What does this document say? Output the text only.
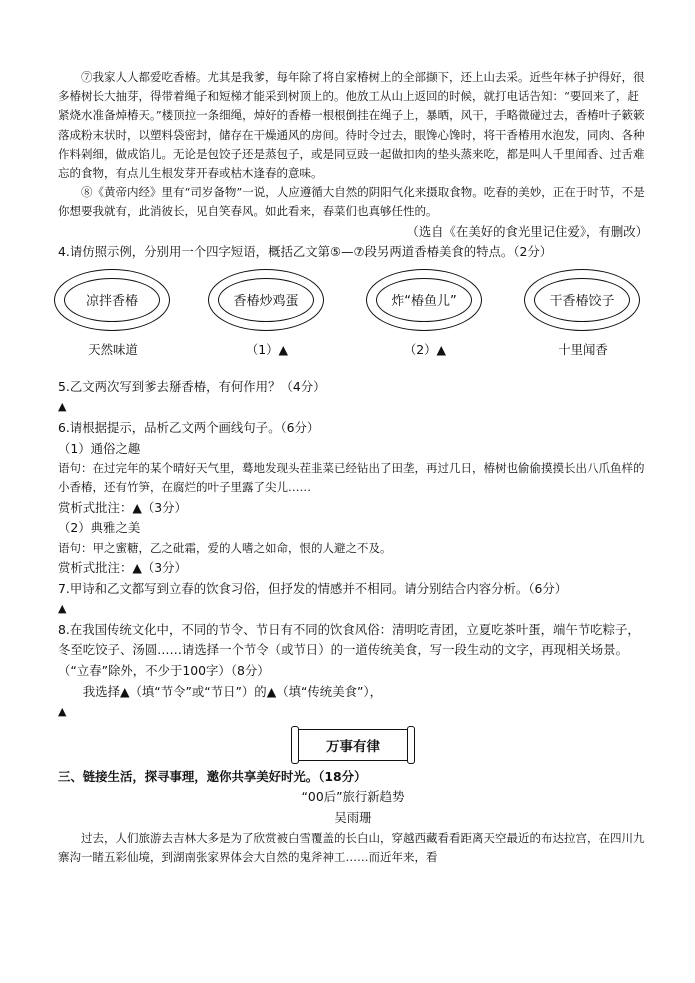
⑦我家人人都爱吃香椿。尤其是我爹，每年除了将自家椿树上的全部撷下，还上山去采。近些年林子护得好，很多椿树长大抽芽，得带着绳子和短梯才能采到树顶上的。他放工从山上返回的时候，就打电话告知：“要回来了，赶紧烧水准备焯椿天。”楼顶拉一条细绳，焯好的香椿一根根倒挂在绳子上，暴晒，风干，手略微碰过去，香椿叶子簌簌落成粉末状时，以塑料袋密封，储存在干燥通风的房间。待时令过去，眼馋心馋时，将干香椿用水泡发，同肉、各种作料剁细，做成馅儿。无论是包饺子还是蒸包子，或是同豆豉一起做扣肉的垫头蒸来吃，都是叫人千里闻香、过舌难忘的食物，有点儿生根发芽开春或枯木逢春的意味。

⑧《黄帝内经》里有“司岁备物”一说，人应遵循大自然的阴阳气化来摄取食物。吃春的美妙，正在于时节，不是你想要我就有，此消彼长，见自笑春风。如此看来，春菜们也真够任性的。

（选自《在美好的食光里记住爱》，有删改）

4.请仿照示例，分别用一个四字短语，概括乙文第⑤—⑦段另两道香椿美食的特点。（2分）

凉拌香椿
天然味道
香椿炒鸡蛋
（1）▲
炸“椿鱼儿”
（2）▲
干香椿饺子
十里闻香

5.乙文两次写到爹去掰香椿，有何作用？（4分）

▲

6.请根据提示，品析乙文两个画线句子。（6分）

（1）通俗之趣

语句：在过完年的某个晴好天气里，蓦地发现头茬韭菜已经钻出了田垄，再过几日，椿树也偷偷摸摸长出八爪鱼样的小香椿，还有竹笋，在腐烂的叶子里露了尖儿……

赏析式批注：▲（3分）

（2）典雅之美

语句：甲之蜜糖，乙之砒霜，爱的人嗜之如命，恨的人避之不及。

赏析式批注：▲（3分）

7.甲诗和乙文都写到立春的饮食习俗，但抒发的情感并不相同。请分别结合内容分析。（6分）

▲

8.在我国传统文化中，不同的节令、节日有不同的饮食风俗：清明吃青团，立夏吃茶叶蛋，端午节吃粽子，冬至吃饺子、汤圆……请选择一个节令（或节日）的一道传统美食，写一段生动的文字，再现相关场景。（“立春”除外，不少于100字）（8分）

我选择▲（填“节令”或“节日”）的▲（填“传统美食”），

▲

万事有律

三、链接生活，探寻事理，邀你共享美好时光。（18分）

“00后”旅行新趋势

吴雨珊

过去，人们旅游去吉林大多是为了欣赏被白雪覆盖的长白山，穿越西藏看看距离天空最近的布达拉宫，在四川九寨沟一睹五彩仙境，到湖南张家界体会大自然的鬼斧神工……而近年来，看
